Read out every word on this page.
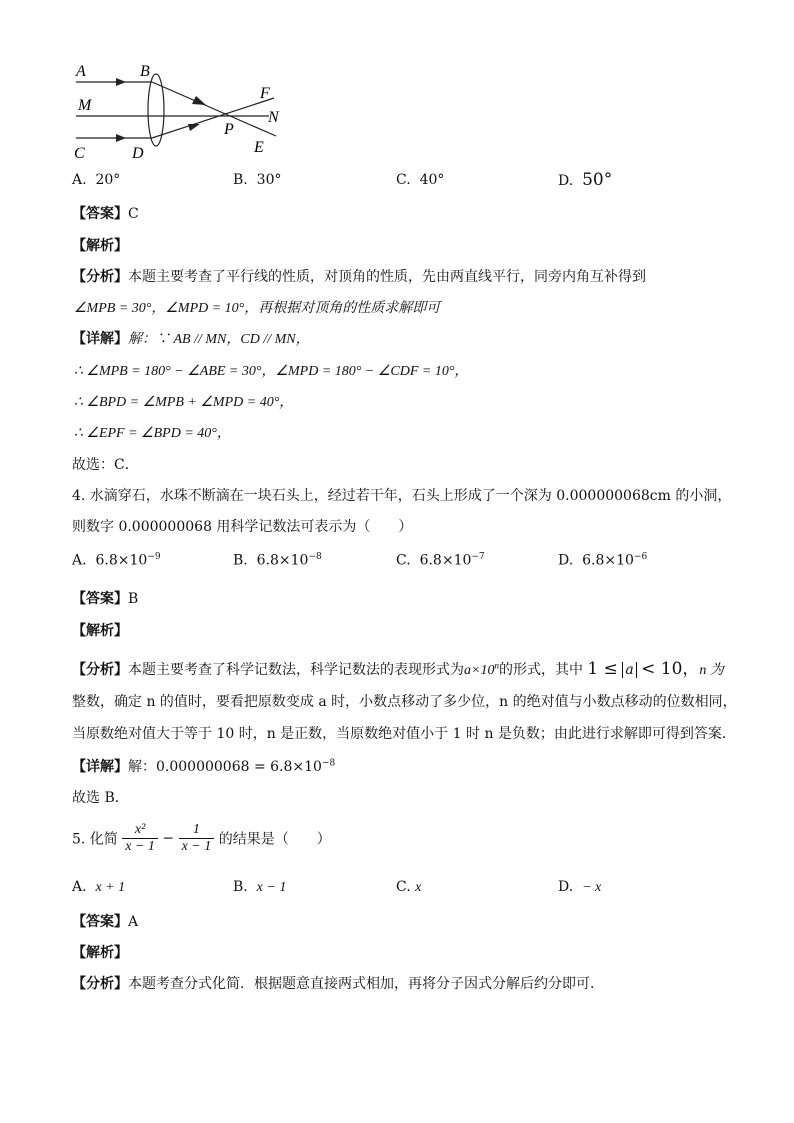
A	B
M
F
N
P
C	D	E
A. 20°	B. 30°	C. 40°	D. 50°
【答案】C
【解析】
【分析】本题主要考查了平行线的性质，对顶角的性质，先由两直线平行，同旁内角互补得到
∠MPB = 30°，∠MPD = 10°，再根据对顶角的性质求解即可
【详解】解：∵ AB // MN，CD // MN，
∴ ∠MPB = 180° − ∠ABE = 30°，∠MPD = 180° − ∠CDF = 10°，
∴ ∠BPD = ∠MPB + ∠MPD = 40°，
∴ ∠EPF = ∠BPD = 40°，
故选：C．
4. 水滴穿石，水珠不断滴在一块石头上，经过若干年，石头上形成了一个深为 0.000000068cm 的小洞，
则数字 0.000000068 用科学记数法可表示为（　　）
A. $6.8\times 10^{-9}$	B. $6.8\times 10^{-8}$	C. $6.8\times 10^{-7}$	D. $6.8\times 10^{-6}$
【答案】B
【解析】
【分析】本题主要考查了科学记数法，科学记数法的表现形式为$a\times 10^n$的形式，其中 1 ≤ a < 10，n 为
整数，确定 n 的值时，要看把原数变成 a 时，小数点移动了多少位，n 的绝对值与小数点移动的位数相同，
当原数绝对值大于等于 10 时，n 是正数，当原数绝对值小于 1 时 n 是负数；由此进行求解即可得到答案．
【详解】解：$0.000000068 = 6.8\times 10^{-8}$
故选 B．
5. 化简 $\frac{\text{x²}}{x - 1} - \frac{1}{x - 1}$ 的结果是（　　）
A. x + 1	B. x − 1	C. x	D. − x
【答案】A
【解析】
【分析】本题考查分式化简．根据题意直接两式相加，再将分子因式分解后约分即可．
